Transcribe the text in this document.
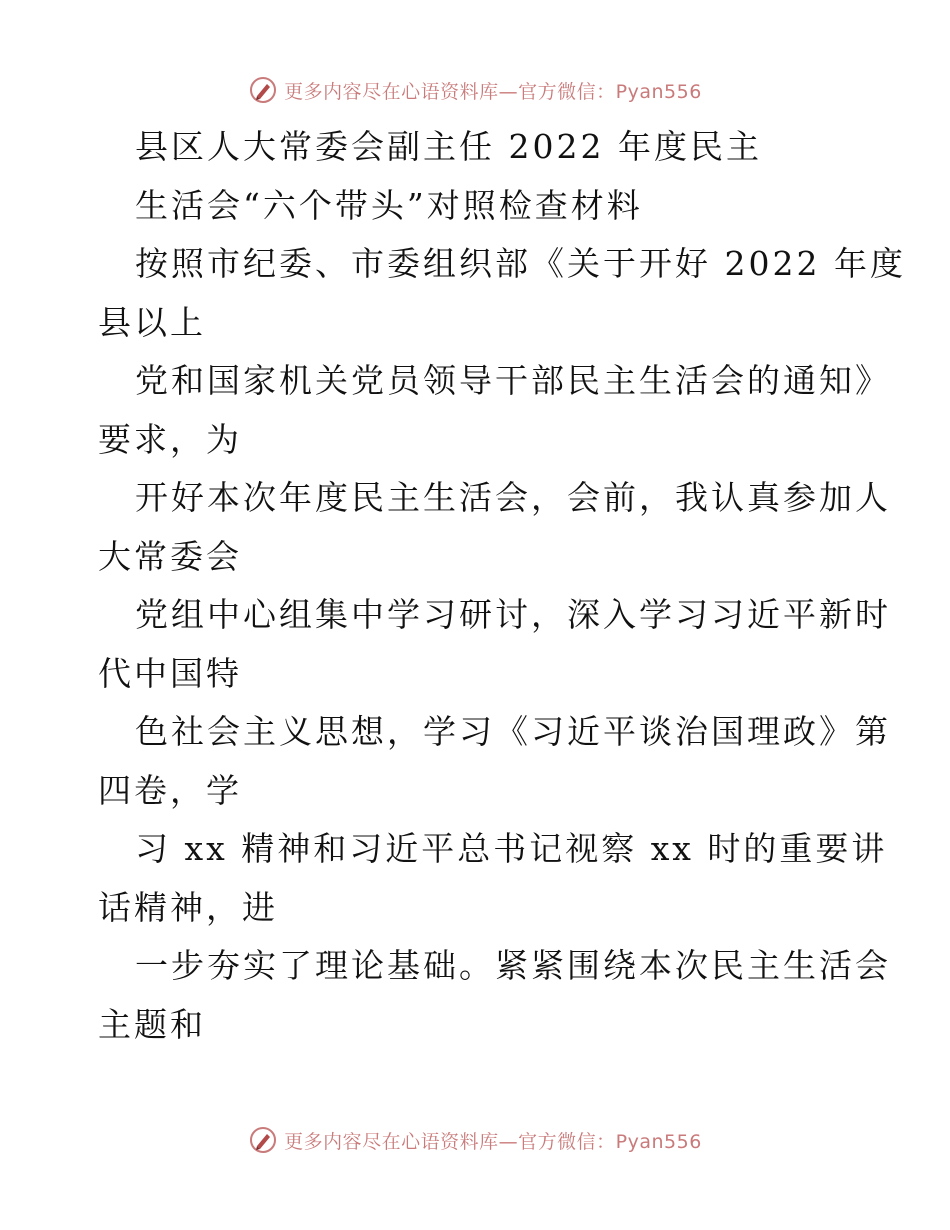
更多内容尽在心语资料库—官方微信：Pyan556
县区人大常委会副主任 2022 年度民主
生活会“六个带头”对照检查材料
按照市纪委、市委组织部《关于开好 2022 年度
县以上
党和国家机关党员领导干部民主生活会的通知》
要求，为
开好本次年度民主生活会，会前，我认真参加人
大常委会
党组中心组集中学习研讨，深入学习习近平新时
代中国特
色社会主义思想，学习《习近平谈治国理政》第
四卷，学
习 xx 精神和习近平总书记视察 xx 时的重要讲
话精神，进
一步夯实了理论基础。紧紧围绕本次民主生活会
主题和
更多内容尽在心语资料库—官方微信：Pyan556
